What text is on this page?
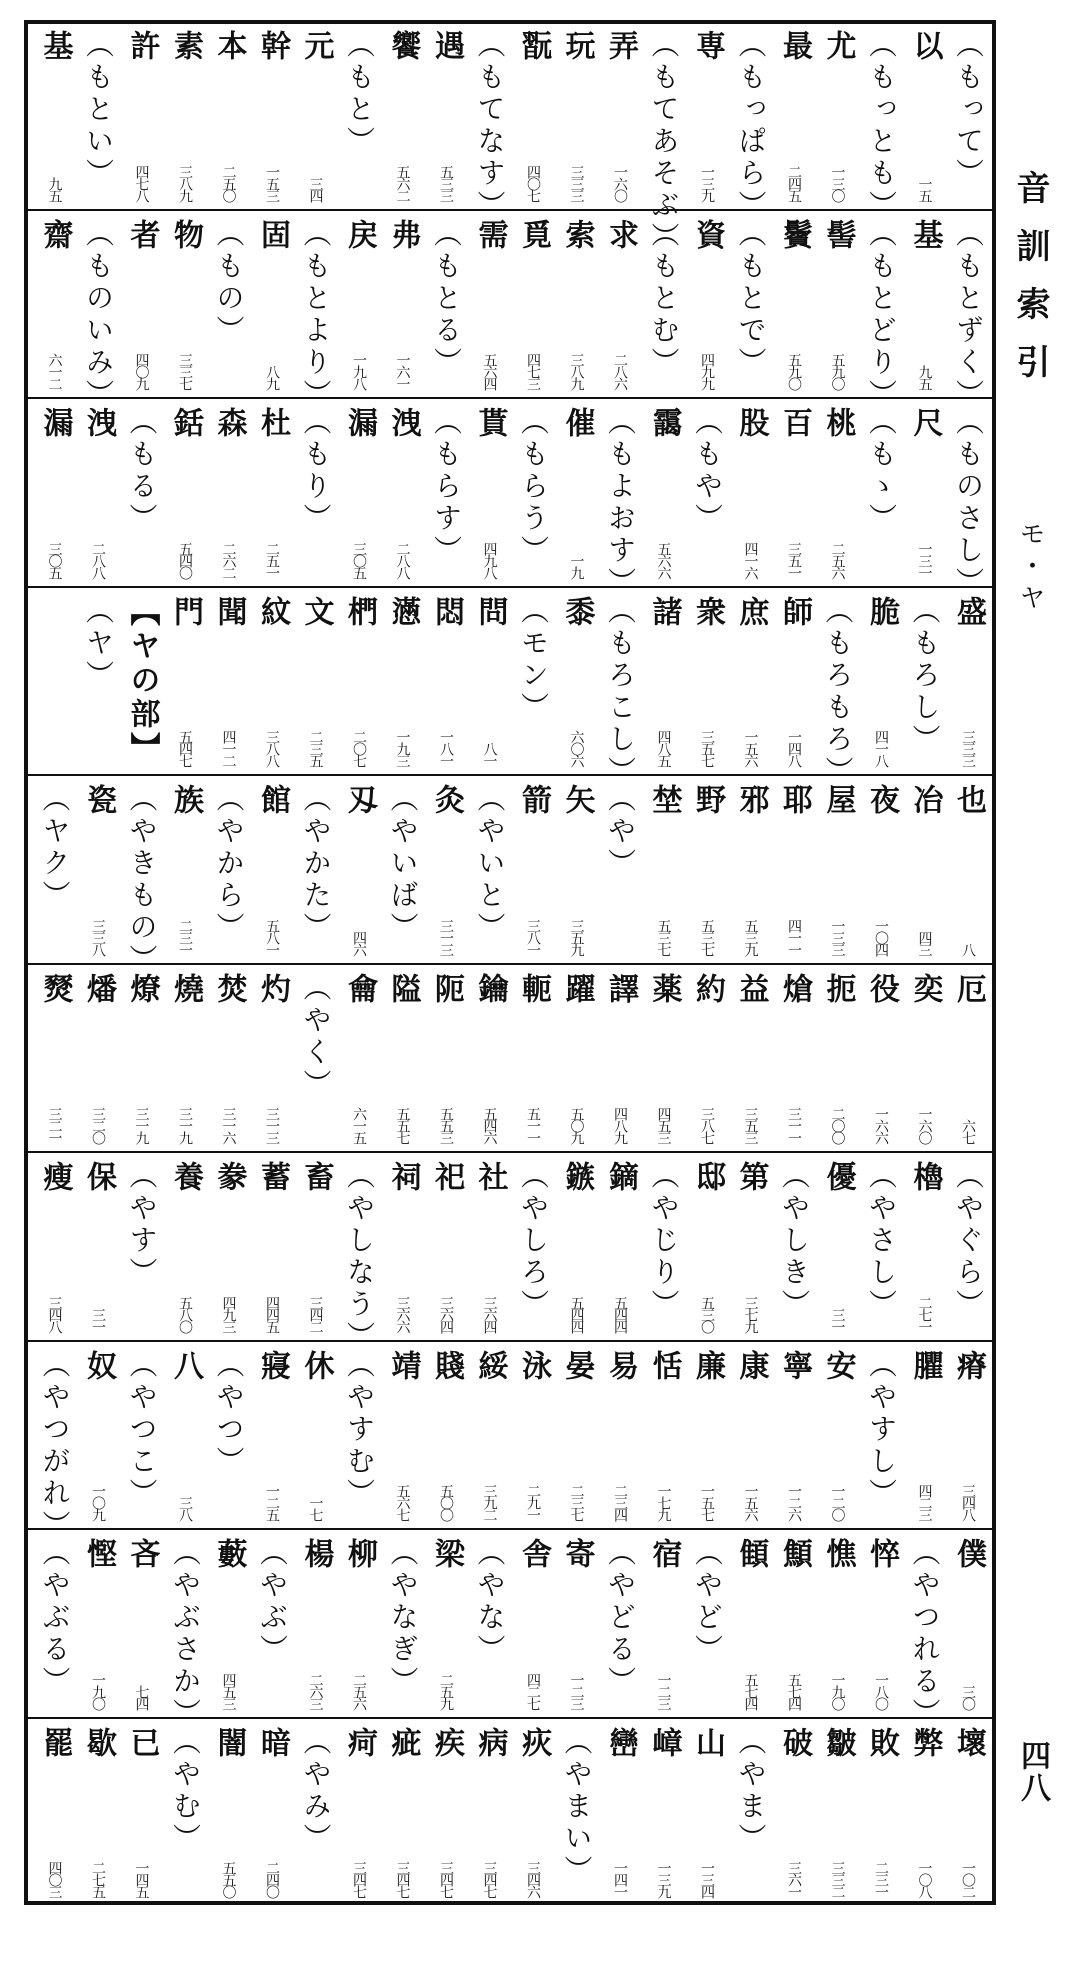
（もって）
以
一五
（もっとも）
尤
一三〇
最
二四五
（もっぱら）
専
一三九
（もてあそぶ）
弄
一六〇
玩
三三三
翫
四〇七
（もてなす）
遇
五三三
饗
五六二
（もと）
元
三四
幹
一五三
本
二五〇
素
三八九
許
四七八
（もとい）
基
九五
（もとずく）
基
九五
（もとどり）
髻
五九〇
鬢
五九〇
（もとで）
資
四九九
（もとむ）
求
二八六
索
三八九
覓
四七三
需
五六四
（もとる）
弗
一六一
戻
一九八
（もとより）
固
八九
（もの）
物
三三七
者
四〇九
（ものいみ）
齋
六一二
（ものさし）
尺
一三一
（もゝ）
桃
二五六
百
三五一
股
四一六
（もや）
靄
五六六
（もよおす）
催
一九
（もらう）
貰
四九八
（もらす）
洩
二八八
漏
三〇五
（もり）
杜
二五一
森
二六二
銛
五四〇
（もる）
洩
二八八
漏
三〇五
盛
三三三
（もろし）
脆
四一八
（もろもろ）
師
一四八
庶
一五六
衆
三五七
諸
四八五
（もろこし）
黍
六〇六
（モン）
問
八一
悶
一八一
懣
一九三
椚
二〇七
文
二三五
紋
三八八
聞
四一二
門
五四七
【ヤの部】
（ヤ）
也
八
冶
四三
夜
一〇四
屋
一三三
耶
四一一
邪
五三九
野
五三七
埜
五三七
（や）
矢
三五九
箭
三八一
（やいと）
灸
三一三
（やいば）
刄
四六
（やかた）
館
五八一
（やから）
族
二三一
（やきもの）
瓷
三三八
（ヤク）
厄
六七
奕
一六〇
役
一六六
扼
二〇〇
熗
三一一
益
三五三
約
三八七
薬
四五三
譯
四八九
躍
五〇九
軛
五一一
鑰
五四六
阨
五五三
隘
五五七
龠
六一五
（やく）
灼
三一三
焚
三一六
燒
三一九
燎
三一九
燔
三二〇
燹
三二一
（やぐら）
櫓
二七一
（やさし）
優
三一
（やしき）
第
三七九
邸
五三〇
（やじり）
鏑
五四四
鏃
五四四
（やしろ）
社
三六四
祀
三六四
祠
三六六
（やしなう）
畜
三四二
蓄
四四五
豢
四九三
養
五八〇
（やす）
保
三一
瘦
三四八
瘠
三四八
臞
四二三
（やすし）
安
一二〇
寧
一二六
康
一五六
廉
一五七
恬
一七九
易
二三四
晏
二三七
泳
二九一
綏
三九二
賤
五〇〇
靖
五六七
（やすむ）
休
一七
寢
一二五
（やつ）
八
三八
（やつこ）
奴
一〇九
（やつがれ）
僕
三〇
（やつれる）
悴
一八〇
憔
一九〇
顦
五七四
顀
五七四
（やど）
宿
一二三
（やどる）
寄
一二三
舎
四二七
（やな）
梁
二五九
（やなぎ）
柳
二五六
楊
二六三
（やぶ）
藪
四五三
（やぶさか）
吝
七四
慳
一九〇
（やぶる）
壞
一〇二
弊
一〇八
敗
二三一
皺
三三二
破
三六一
（やま）
山
一三四
嶂
一三九
巒
一四一
（やまい）
疢
三四六
病
三四七
疾
三四七
疵
三四七
疴
三四七
（やみ）
暗
二四〇
闇
五五〇
（やむ）
已
一四五
歇
二七五
罷
四〇三
音訓索引
モ・ヤ
四八
